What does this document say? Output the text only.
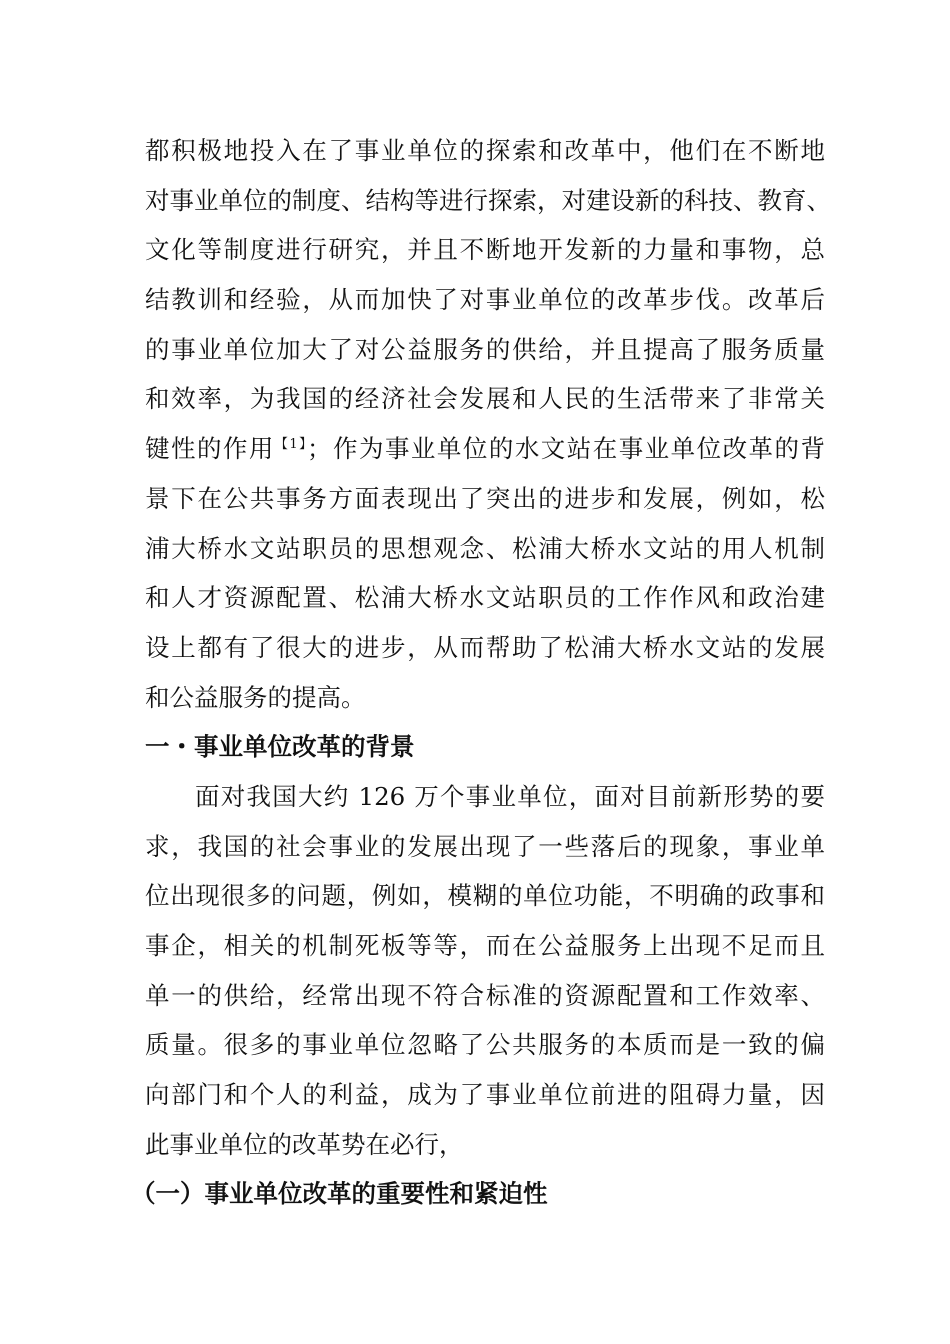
都积极地投入在了事业单位的探索和改革中，他们在不断地
对事业单位的制度、结构等进行探索，对建设新的科技、教育、
文化等制度进行研究，并且不断地开发新的力量和事物，总
结教训和经验，从而加快了对事业单位的改革步伐。改革后
的事业单位加大了对公益服务的供给，并且提高了服务质量
和效率，为我国的经济社会发展和人民的生活带来了非常关
键性的作用$^{【1】}$；作为事业单位的水文站在事业单位改革的背
景下在公共事务方面表现出了突出的进步和发展，例如，松
浦大桥水文站职员的思想观念、松浦大桥水文站的用人机制
和人才资源配置、松浦大桥水文站职员的工作作风和政治建
设上都有了很大的进步，从而帮助了松浦大桥水文站的发展
和公益服务的提高。
一・事业单位改革的背景
面对我国大约 126 万个事业单位，面对目前新形势的要
求，我国的社会事业的发展出现了一些落后的现象，事业单
位出现很多的问题，例如，模糊的单位功能，不明确的政事和
事企，相关的机制死板等等，而在公益服务上出现不足而且
单一的供给，经常出现不符合标准的资源配置和工作效率、
质量。很多的事业单位忽略了公共服务的本质而是一致的偏
向部门和个人的利益，成为了事业单位前进的阻碍力量，因
此事业单位的改革势在必行，
（一）事业单位改革的重要性和紧迫性
